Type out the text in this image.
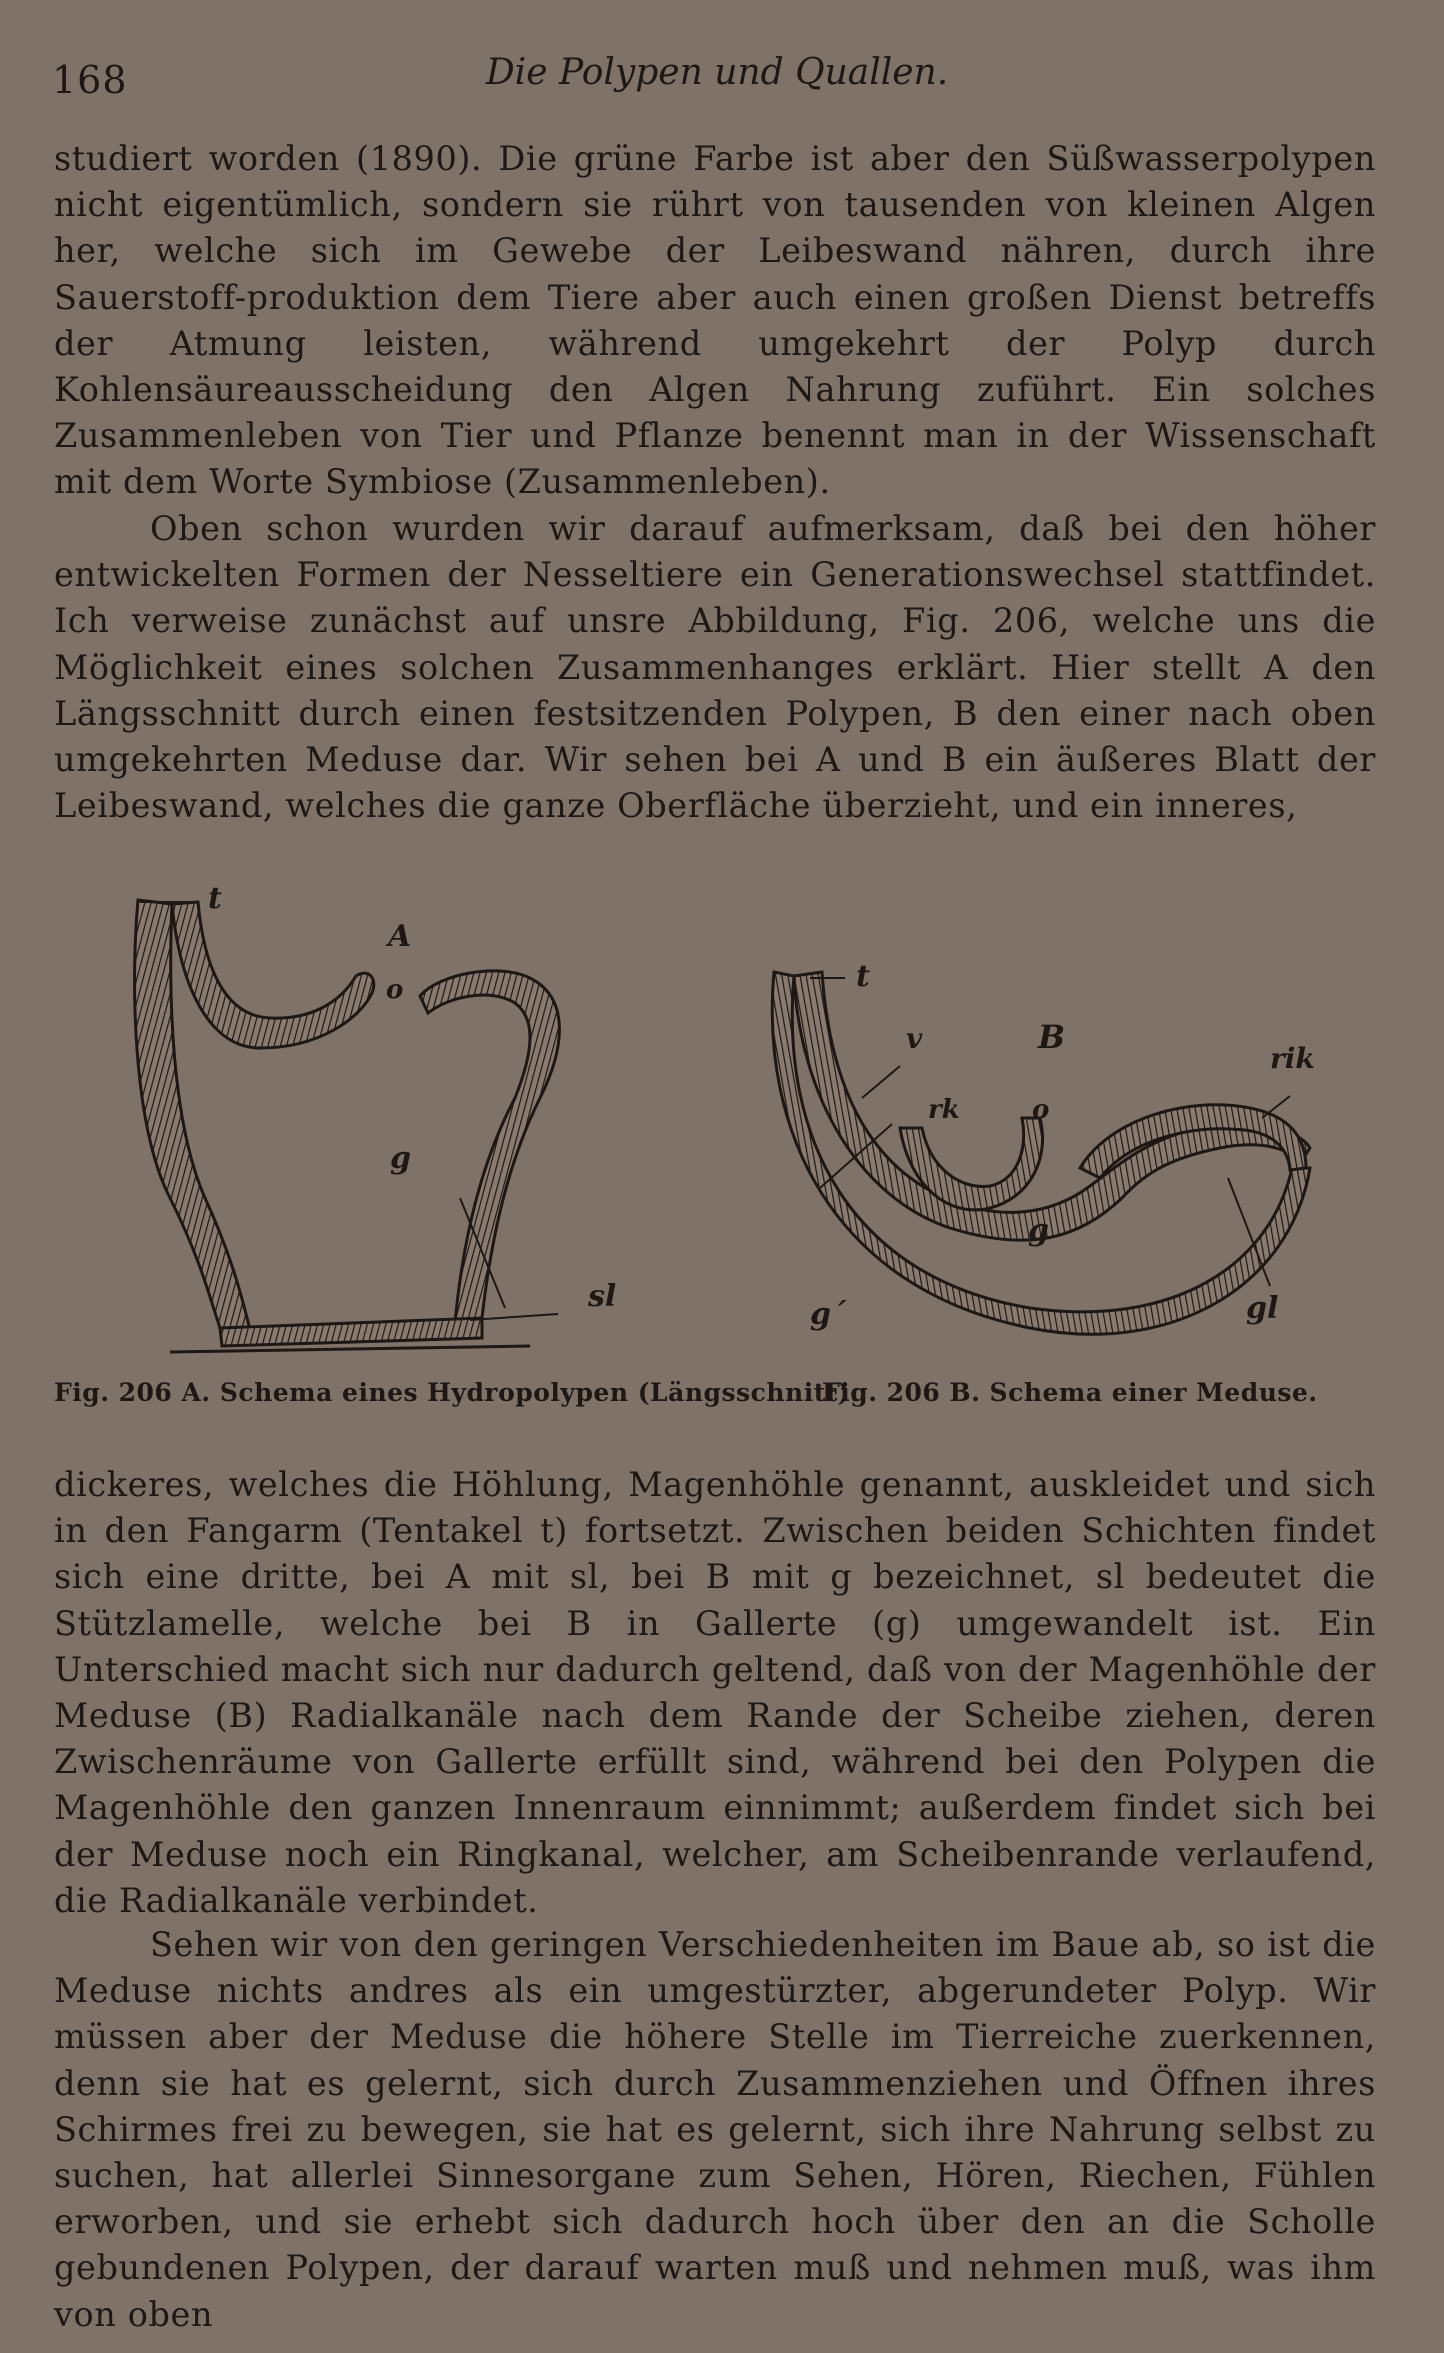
168	Die Polypen und Quallen.

studiert worden (1890). Die grüne Farbe ist aber den Süßwasserpolypen nicht eigentümlich, sondern sie rührt von tausenden von kleinen Algen her, welche sich im Gewebe der Leibeswand nähren, durch ihre Sauerstoff-produktion dem Tiere aber auch einen großen Dienst betreffs der Atmung leisten, während umgekehrt der Polyp durch Kohlensäureausscheidung den Algen Nahrung zuführt. Ein solches Zusammenleben von Tier und Pflanze benennt man in der Wissenschaft mit dem Worte Symbiose (Zusammenleben).

Oben schon wurden wir darauf aufmerksam, daß bei den höher entwickelten Formen der Nesseltiere ein Generationswechsel stattfindet. Ich verweise zunächst auf unsre Abbildung, Fig. 206, welche uns die Möglichkeit eines solchen Zusammenhanges erklärt. Hier stellt A den Längsschnitt durch einen festsitzenden Polypen, B den einer nach oben umgekehrten Meduse dar. Wir sehen bei A und B ein äußeres Blatt der Leibeswand, welches die ganze Oberfläche überzieht, und ein inneres,

t
A
o
g
sl
t
v	B
rk	o
rik
g
g´	gl
Fig. 206 A. Schema eines Hydropolypen (Längsschnitt).
Fig. 206 B. Schema einer Meduse.

dickeres, welches die Höhlung, Magenhöhle genannt, auskleidet und sich in den Fangarm (Tentakel t) fortsetzt. Zwischen beiden Schichten findet sich eine dritte, bei A mit sl, bei B mit g bezeichnet, sl bedeutet die Stützlamelle, welche bei B in Gallerte (g) umgewandelt ist. Ein Unterschied macht sich nur dadurch geltend, daß von der Magenhöhle der Meduse (B) Radialkanäle nach dem Rande der Scheibe ziehen, deren Zwischenräume von Gallerte erfüllt sind, während bei den Polypen die Magenhöhle den ganzen Innenraum einnimmt; außerdem findet sich bei der Meduse noch ein Ringkanal, welcher, am Scheibenrande verlaufend, die Radialkanäle verbindet.

Sehen wir von den geringen Verschiedenheiten im Baue ab, so ist die Meduse nichts andres als ein umgestürzter, abgerundeter Polyp. Wir müssen aber der Meduse die höhere Stelle im Tierreiche zuerkennen, denn sie hat es gelernt, sich durch Zusammenziehen und Öffnen ihres Schirmes frei zu bewegen, sie hat es gelernt, sich ihre Nahrung selbst zu suchen, hat allerlei Sinnesorgane zum Sehen, Hören, Riechen, Fühlen erworben, und sie erhebt sich dadurch hoch über den an die Scholle gebundenen Polypen, der darauf warten muß und nehmen muß, was ihm von oben
